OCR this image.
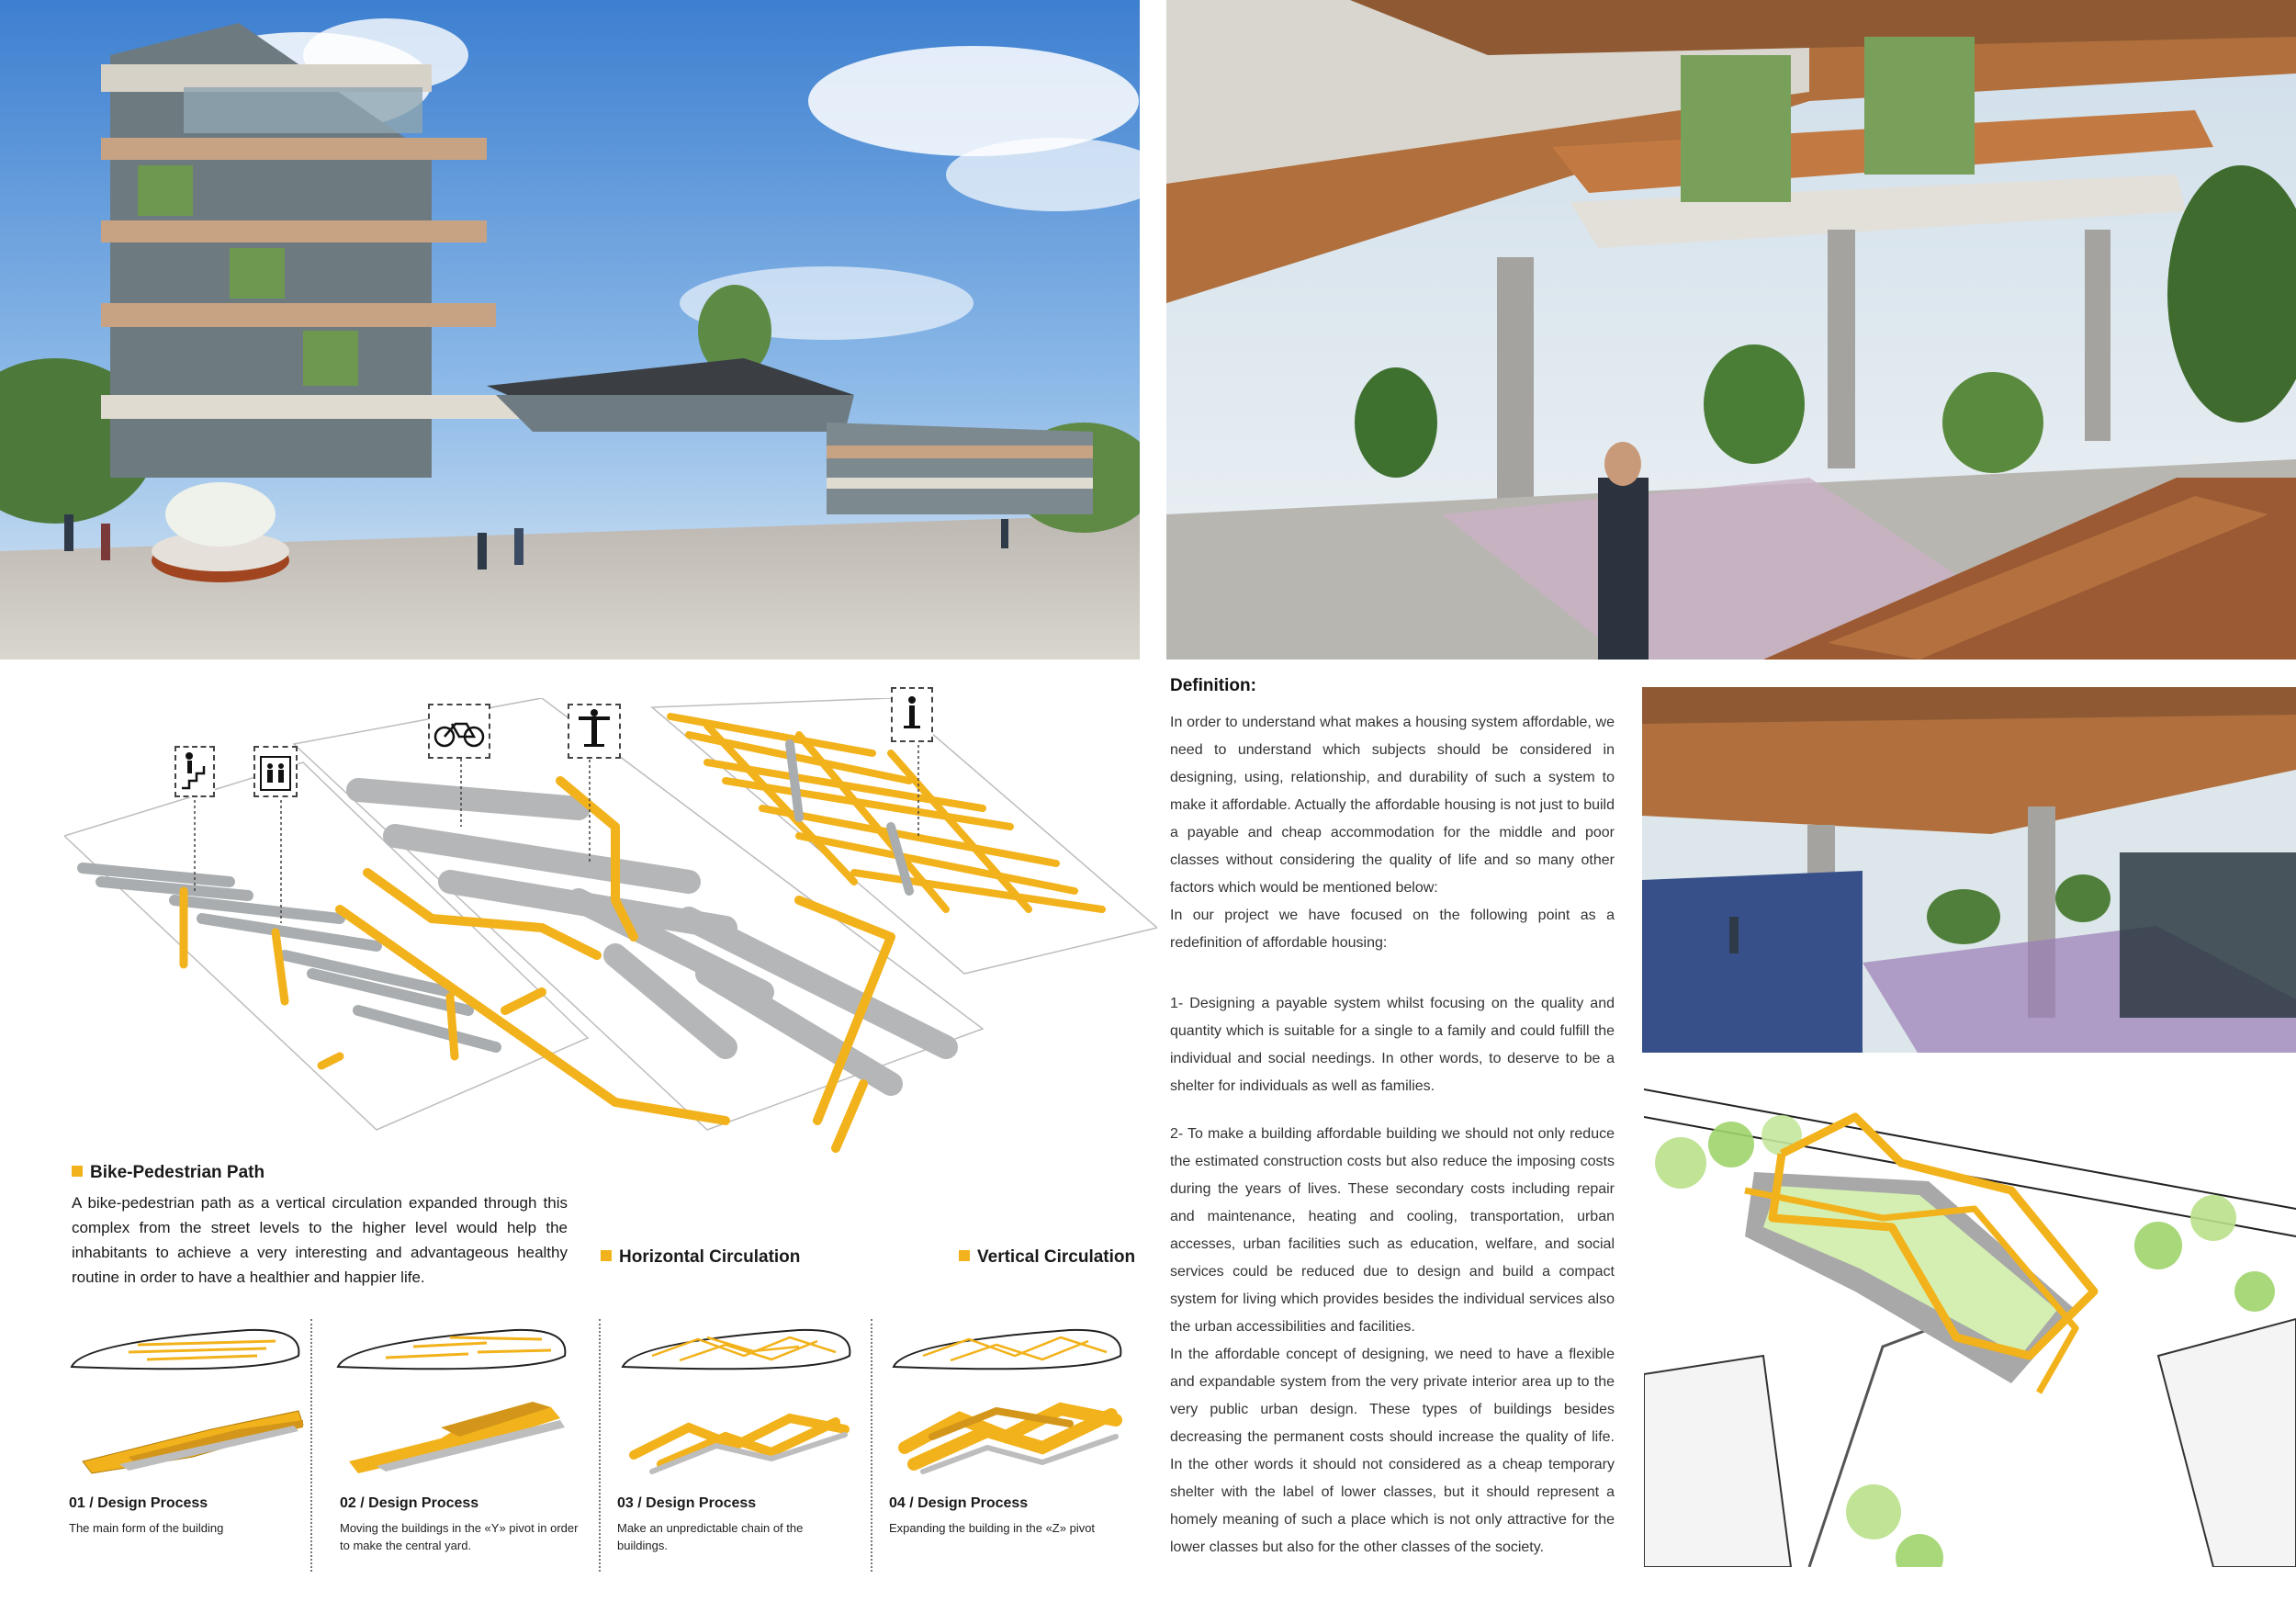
Bike-Pedestrian Path
Horizontal Circulation	Vertical Circulation

A bike-pedestrian path as a vertical circulation expanded through this complex from the street levels to the higher level would help the inhabitants to achieve a very interesting and advantageous healthy routine in order to have a healthier and happier life.

01 / Design Process
The main form of the building
02 / Design Process
Moving the buildings in the «Y» pivot in order to make the central yard.
03 / Design Process
Make an unpredictable chain of the buildings.
04 / Design Process
Expanding the building in the «Z» pivot
Definition:

In order to understand what makes a housing system affordable, we need to understand which subjects should be considered in designing, using, relationship, and durability of such a system to make it affordable. Actually the affordable housing is not just to build a payable and cheap accommodation for the middle and poor classes without considering the quality of life and so many other factors which would be mentioned below:

In our project we have focused on the following point as a redefinition of affordable housing:

1- Designing a payable system whilst focusing on the quality and quantity which is suitable for a single to a family and could fulfill the individual and social needings. In other words, to deserve to be a shelter for individuals as well as families.

2- To make a building affordable building we should not only reduce the estimated construction costs but also reduce the imposing costs during the years of lives. These secondary costs including repair and maintenance, heating and cooling, transportation, urban accesses, urban facilities such as education, welfare, and social services could be reduced due to design and build a compact system for living which provides besides the individual services also the urban accessibilities and facilities.

In the affordable concept of designing, we need to have a flexible and expandable system from the very private interior area up to the very public urban design. These types of buildings besides decreasing the permanent costs should increase the quality of life. In the other words it should not considered as a cheap temporary shelter with the label of lower classes, but it should represent a homely meaning of such a place which is not only attractive for the lower classes but also for the other classes of the society.
